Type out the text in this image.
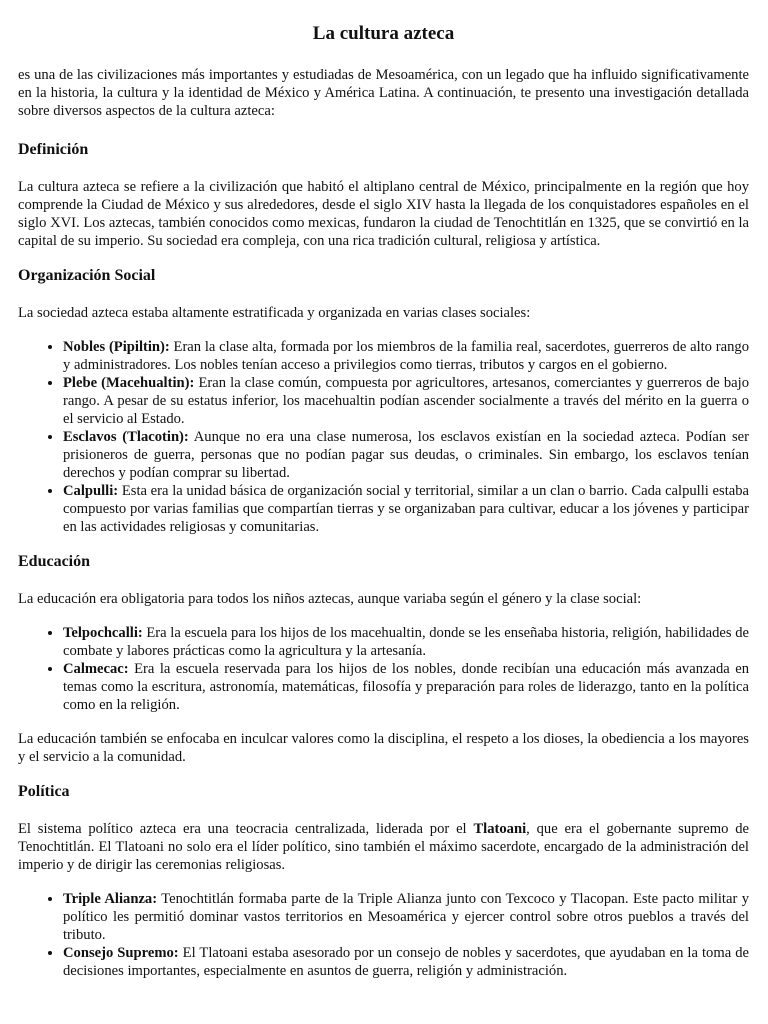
La cultura azteca

es una de las civilizaciones más importantes y estudiadas de Mesoamérica, con un legado que ha influido significativamente en la historia, la cultura y la identidad de México y América Latina. A continuación, te presento una investigación detallada sobre diversos aspectos de la cultura azteca:

Definición

La cultura azteca se refiere a la civilización que habitó el altiplano central de México, principalmente en la región que hoy comprende la Ciudad de México y sus alrededores, desde el siglo XIV hasta la llegada de los conquistadores españoles en el siglo XVI. Los aztecas, también conocidos como mexicas, fundaron la ciudad de Tenochtitlán en 1325, que se convirtió en la capital de su imperio. Su sociedad era compleja, con una rica tradición cultural, religiosa y artística.

Organización Social

La sociedad azteca estaba altamente estratificada y organizada en varias clases sociales:

• Nobles (Pipiltin): Eran la clase alta, formada por los miembros de la familia real, sacerdotes, guerreros de alto rango y administradores. Los nobles tenían acceso a privilegios como tierras, tributos y cargos en el gobierno.
• Plebe (Macehualtin): Eran la clase común, compuesta por agricultores, artesanos, comerciantes y guerreros de bajo rango. A pesar de su estatus inferior, los macehualtin podían ascender socialmente a través del mérito en la guerra o el servicio al Estado.
• Esclavos (Tlacotin): Aunque no era una clase numerosa, los esclavos existían en la sociedad azteca. Podían ser prisioneros de guerra, personas que no podían pagar sus deudas, o criminales. Sin embargo, los esclavos tenían derechos y podían comprar su libertad.
• Calpulli: Esta era la unidad básica de organización social y territorial, similar a un clan o barrio. Cada calpulli estaba compuesto por varias familias que compartían tierras y se organizaban para cultivar, educar a los jóvenes y participar en las actividades religiosas y comunitarias.
Educación

La educación era obligatoria para todos los niños aztecas, aunque variaba según el género y la clase social:

• Telpochcalli: Era la escuela para los hijos de los macehualtin, donde se les enseñaba historia, religión, habilidades de combate y labores prácticas como la agricultura y la artesanía.
• Calmecac: Era la escuela reservada para los hijos de los nobles, donde recibían una educación más avanzada en temas como la escritura, astronomía, matemáticas, filosofía y preparación para roles de liderazgo, tanto en la política como en la religión.

La educación también se enfocaba en inculcar valores como la disciplina, el respeto a los dioses, la obediencia a los mayores y el servicio a la comunidad.

Política

El sistema político azteca era una teocracia centralizada, liderada por el Tlatoani, que era el gobernante supremo de Tenochtitlán. El Tlatoani no solo era el líder político, sino también el máximo sacerdote, encargado de la administración del imperio y de dirigir las ceremonias religiosas.

• Triple Alianza: Tenochtitlán formaba parte de la Triple Alianza junto con Texcoco y Tlacopan. Este pacto militar y político les permitió dominar vastos territorios en Mesoamérica y ejercer control sobre otros pueblos a través del tributo.
• Consejo Supremo: El Tlatoani estaba asesorado por un consejo de nobles y sacerdotes, que ayudaban en la toma de decisiones importantes, especialmente en asuntos de guerra, religión y administración.
